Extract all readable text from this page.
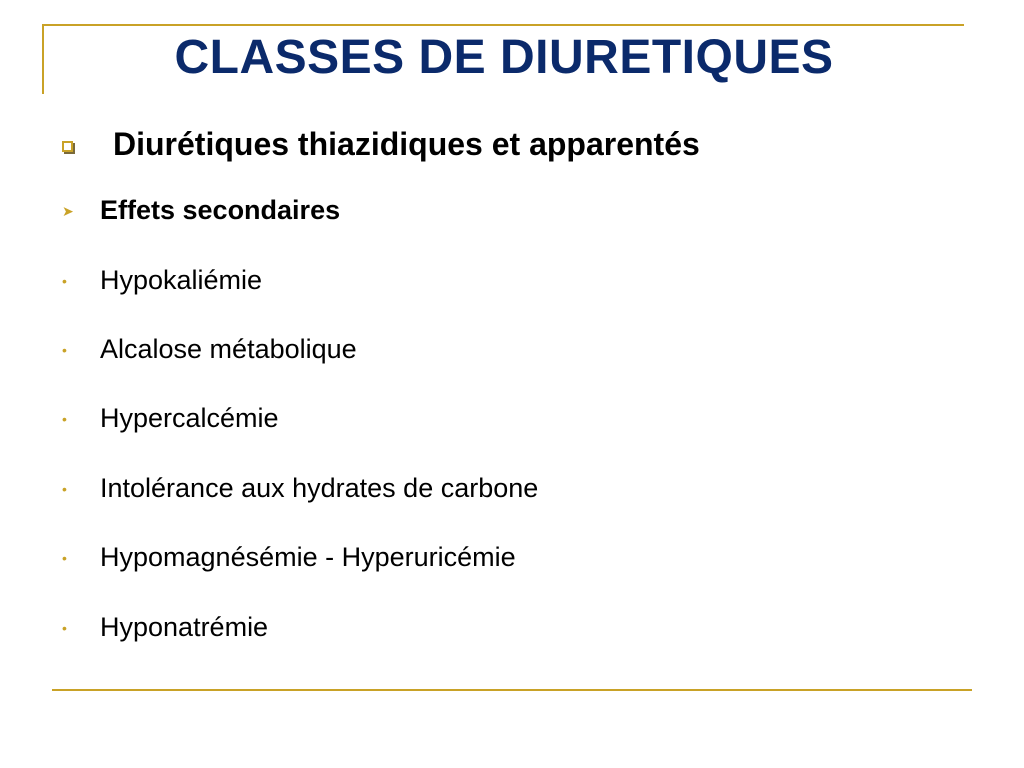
CLASSES DE DIURETIQUES
Diurétiques thiazidiques et apparentés
➤ Effets secondaires
•	Hypokaliémie
•	Alcalose métabolique
•	Hypercalcémie
•	Intolérance aux hydrates de carbone
•	Hypomagnésémie - Hyperuricémie
•	Hyponatrémie
